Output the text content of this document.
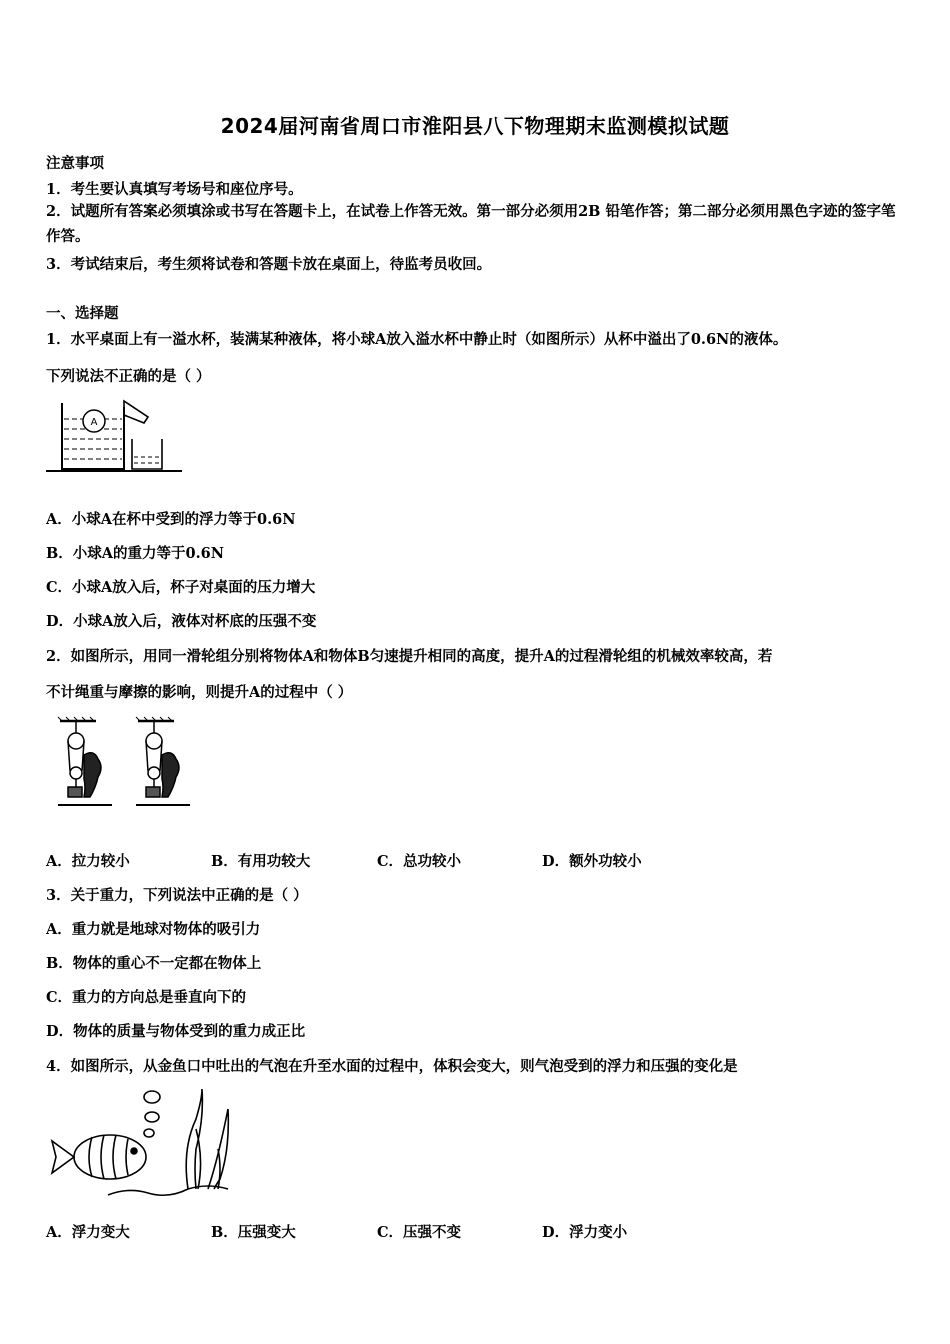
2024届河南省周口市淮阳县八下物理期末监测模拟试题
注意事项
1．考生要认真填写考场号和座位序号。
2．试题所有答案必须填涂或书写在答题卡上，在试卷上作答无效。第一部分必须用2B 铅笔作答；第二部分必须用黑色字迹的签字笔作答。
3．考试结束后，考生须将试卷和答题卡放在桌面上，待监考员收回。
一、选择题
1．水平桌面上有一溢水杯，装满某种液体，将小球A放入溢水杯中静止时（如图所示）从杯中溢出了0.6N的液体。
下列说法不正确的是（ ）
A
A．小球A在杯中受到的浮力等于0.6N
B．小球A的重力等于0.6N
C．小球A放入后，杯子对桌面的压力增大
D．小球A放入后，液体对杯底的压强不变
2．如图所示，用同一滑轮组分别将物体A和物体B匀速提升相同的高度，提升A的过程滑轮组的机械效率较高，若
不计绳重与摩擦的影响，则提升A的过程中（ ）
A．拉力较小	B．有用功较大	C．总功较小	D．额外功较小
3．关于重力，下列说法中正确的是（ ）
A．重力就是地球对物体的吸引力
B．物体的重心不一定都在物体上
C．重力的方向总是垂直向下的
D．物体的质量与物体受到的重力成正比
4．如图所示，从金鱼口中吐出的气泡在升至水面的过程中，体积会变大，则气泡受到的浮力和压强的变化是
A．浮力变大	B．压强变大	C．压强不变	D．浮力变小
